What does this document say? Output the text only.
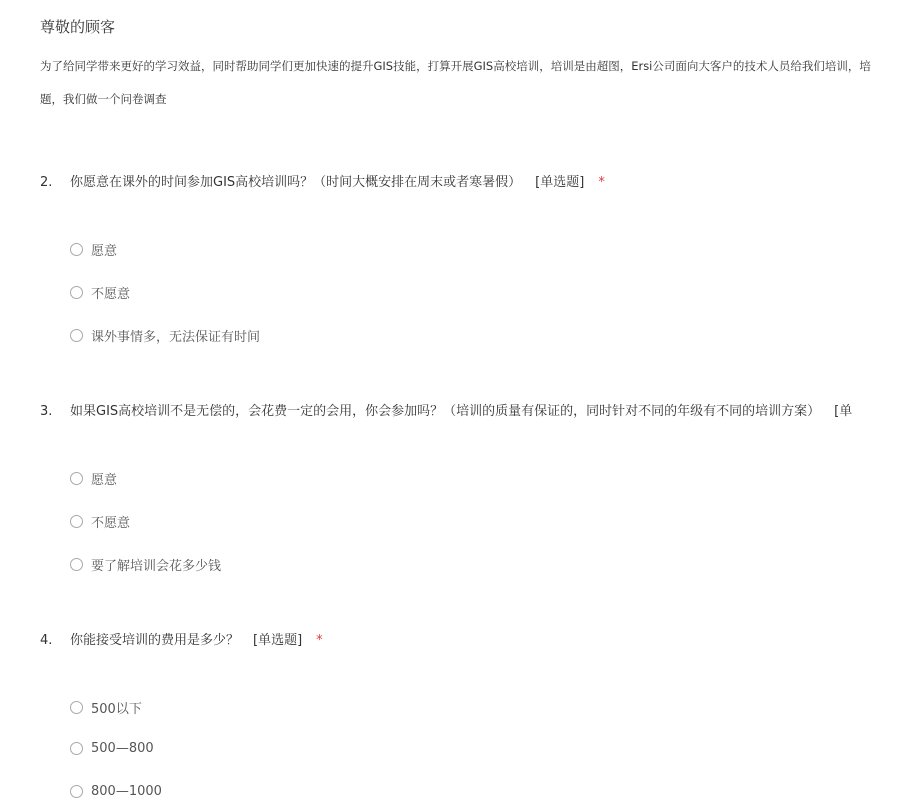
尊敬的顾客
为了给同学带来更好的学习效益，同时帮助同学们更加快速的提升GIS技能，打算开展GIS高校培训，培训是由超图，Ersi公司面向大客户的技术人员给我们培训，培
题，我们做一个问卷调查
2. 你愿意在课外的时间参加GIS高校培训吗？（时间大概安排在周末或者寒暑假） [单选题] *
愿意
不愿意
课外事情多，无法保证有时间
3. 如果GIS高校培训不是无偿的，会花费一定的会用，你会参加吗？（培训的质量有保证的，同时针对不同的年级有不同的培训方案） [单
愿意
不愿意
要了解培训会花多少钱
4. 你能接受培训的费用是多少？ [单选题] *
500以下
500—800
800—1000
